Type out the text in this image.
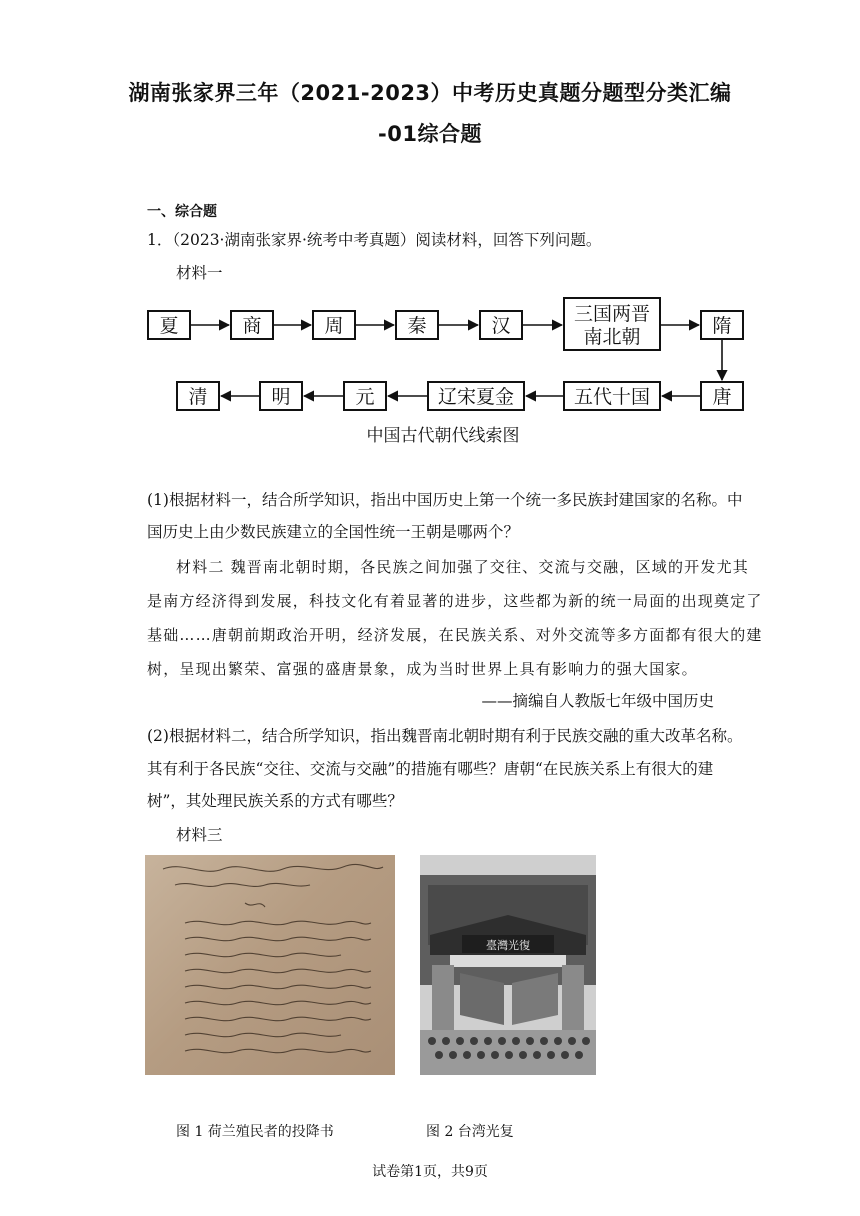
湖南张家界三年（2021-2023）中考历史真题分题型分类汇编
-01综合题
一、综合题
1．（2023·湖南张家界·统考中考真题）阅读材料，回答下列问题。
材料一
夏	商	周	秦	汉
三国两晋
南北朝	隋
唐
五代十国
辽宋夏金
元
明
清
中国古代朝代线索图
(1)根据材料一，结合所学知识，指出中国历史上第一个统一多民族封建国家的名称。中
国历史上由少数民族建立的全国性统一王朝是哪两个？
材料二 魏晋南北朝时期，各民族之间加强了交往、交流与交融，区域的开发尤其
是南方经济得到发展，科技文化有着显著的进步，这些都为新的统一局面的出现奠定了
基础……唐朝前期政治开明，经济发展，在民族关系、对外交流等多方面都有很大的建
树，呈现出繁荣、富强的盛唐景象，成为当时世界上具有影响力的强大国家。
——摘编自人教版七年级中国历史
(2)根据材料二，结合所学知识，指出魏晋南北朝时期有利于民族交融的重大改革名称。
其有利于各民族“交往、交流与交融”的措施有哪些？唐朝“在民族关系上有很大的建
树”，其处理民族关系的方式有哪些？
材料三
臺灣光復
图 1 荷兰殖民者的投降书	图 2 台湾光复
试卷第1页，共9页
